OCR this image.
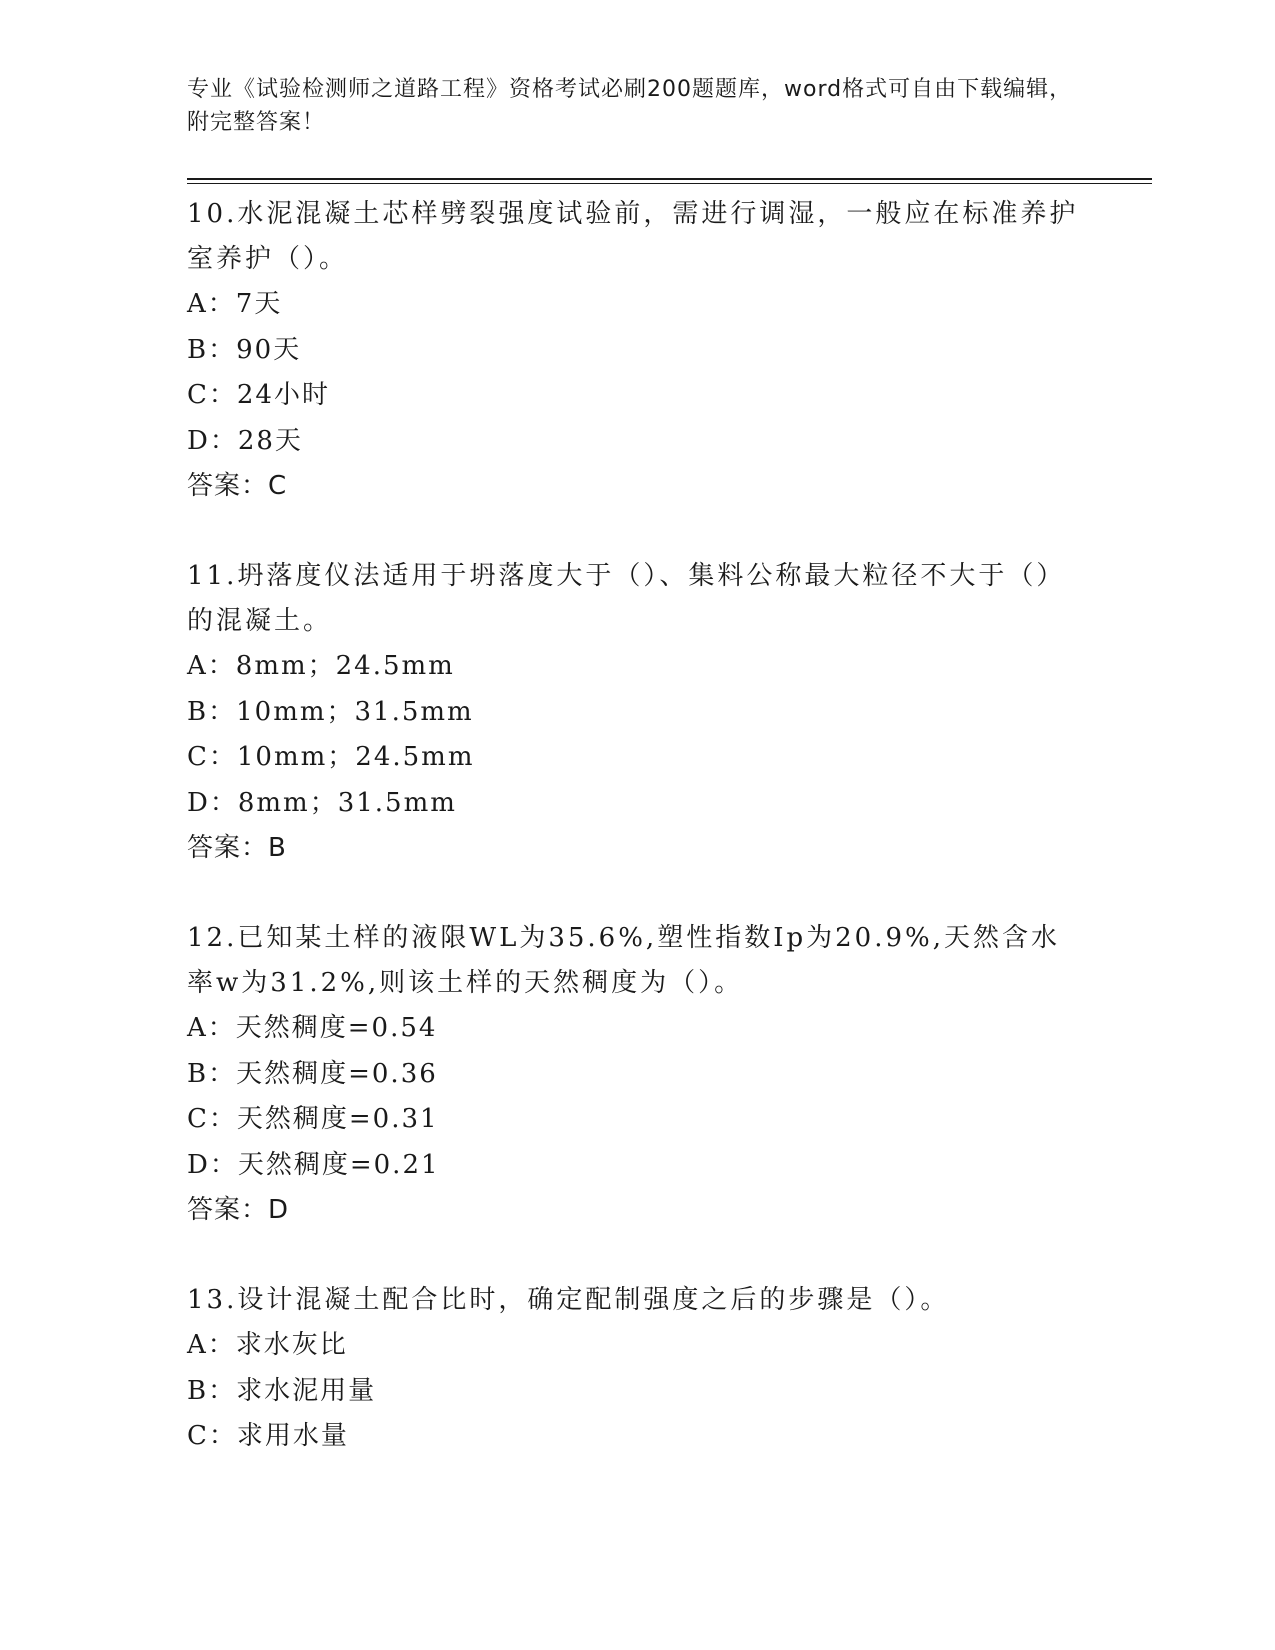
专业《试验检测师之道路工程》资格考试必刷200题题库，word格式可自由下载编辑，附完整答案！

10.水泥混凝土芯样劈裂强度试验前，需进行调湿，一般应在标准养护室养护（）。

A：7天

B：90天

C：24小时

D：28天

答案：C

11.坍落度仪法适用于坍落度大于（）、集料公称最大粒径不大于（）的混凝土。

A：8mm；24.5mm

B：10mm；31.5mm

C：10mm；24.5mm

D：8mm；31.5mm

答案：B

12.已知某土样的液限WL为35.6%,塑性指数Ip为20.9%,天然含水率w为31.2%,则该土样的天然稠度为（）。

A：天然稠度=0.54

B：天然稠度=0.36

C：天然稠度=0.31

D：天然稠度=0.21

答案：D

13.设计混凝土配合比时，确定配制强度之后的步骤是（）。

A：求水灰比

B：求水泥用量

C：求用水量
